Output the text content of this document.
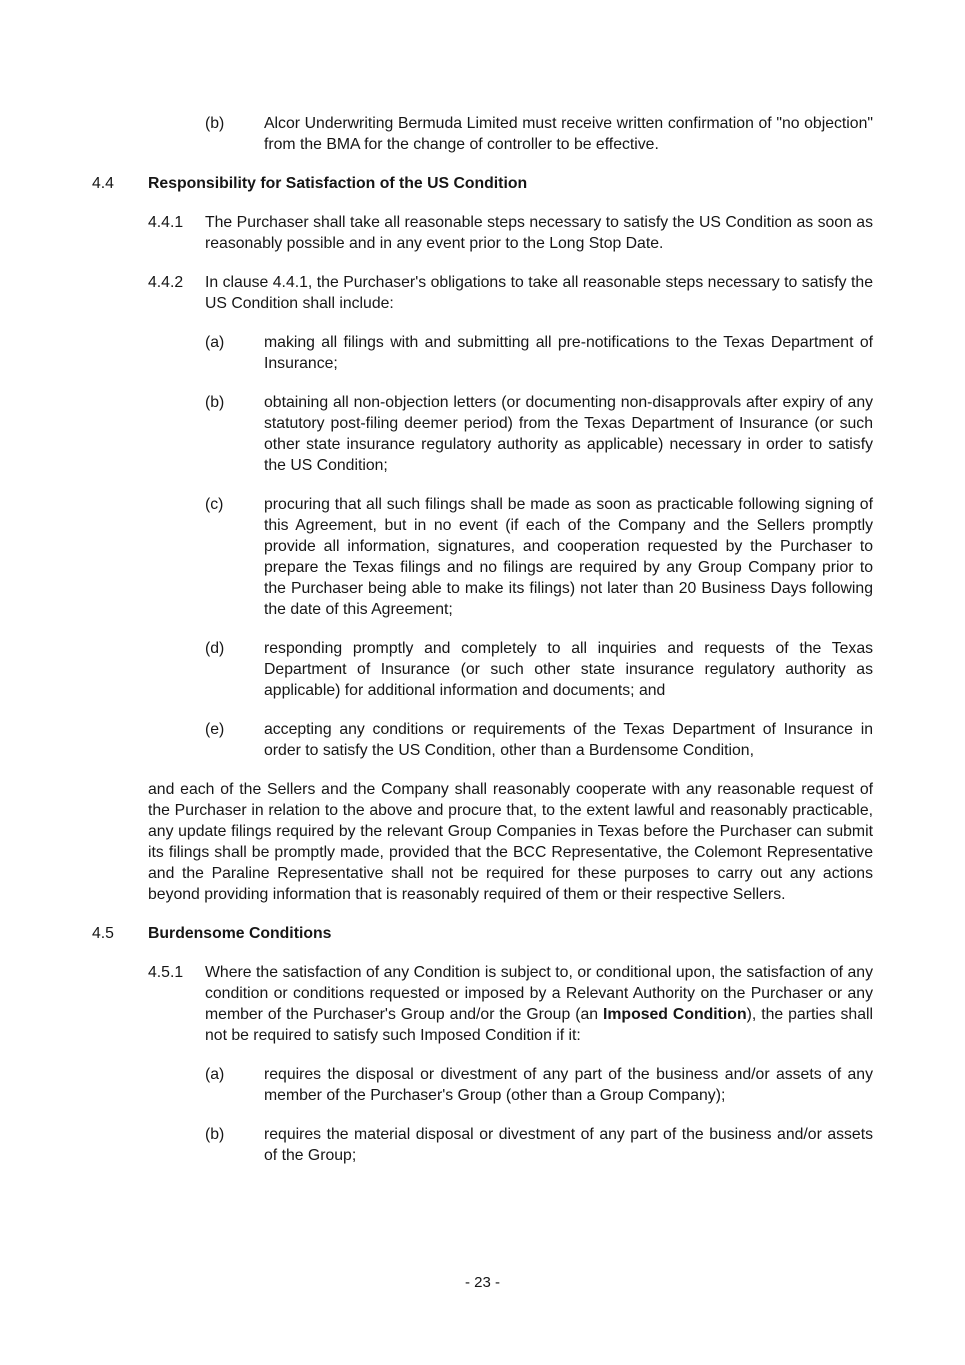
(b)	Alcor Underwriting Bermuda Limited must receive written confirmation of "no objection" from the BMA for the change of controller to be effective.

4.4	Responsibility for Satisfaction of the US Condition
4.4.1	The Purchaser shall take all reasonable steps necessary to satisfy the US Condition as soon as reasonably possible and in any event prior to the Long Stop Date.

4.4.2	In clause 4.4.1, the Purchaser's obligations to take all reasonable steps necessary to satisfy the US Condition shall include:

(a)	making all filings with and submitting all pre-notifications to the Texas Department of Insurance;

(b)	obtaining all non-objection letters (or documenting non-disapprovals after expiry of any statutory post-filing deemer period) from the Texas Department of Insurance (or such other state insurance regulatory authority as applicable) necessary in order to satisfy the US Condition;

(c)	procuring that all such filings shall be made as soon as practicable following signing of this Agreement, but in no event (if each of the Company and the Sellers promptly provide all information, signatures, and cooperation requested by the Purchaser to prepare the Texas filings and no filings are required by any Group Company prior to the Purchaser being able to make its filings) not later than 20 Business Days following the date of this Agreement;

(d)	responding promptly and completely to all inquiries and requests of the Texas Department of Insurance (or such other state insurance regulatory authority as applicable) for additional information and documents; and

(e)	accepting any conditions or requirements of the Texas Department of Insurance in order to satisfy the US Condition, other than a Burdensome Condition,

and each of the Sellers and the Company shall reasonably cooperate with any reasonable request of the Purchaser in relation to the above and procure that, to the extent lawful and reasonably practicable, any update filings required by the relevant Group Companies in Texas before the Purchaser can submit its filings shall be promptly made, provided that the BCC Representative, the Colemont Representative and the Paraline Representative shall not be required for these purposes to carry out any actions beyond providing information that is reasonably required of them or their respective Sellers.

4.5	Burdensome Conditions
4.5.1	Where the satisfaction of any Condition is subject to, or conditional upon, the satisfaction of any condition or conditions requested or imposed by a Relevant Authority on the Purchaser or any member of the Purchaser's Group and/or the Group (an Imposed Condition), the parties shall not be required to satisfy such Imposed Condition if it:

(a)	requires the disposal or divestment of any part of the business and/or assets of any member of the Purchaser's Group (other than a Group Company);

(b)	requires the material disposal or divestment of any part of the business and/or assets of the Group;

- 23 -
